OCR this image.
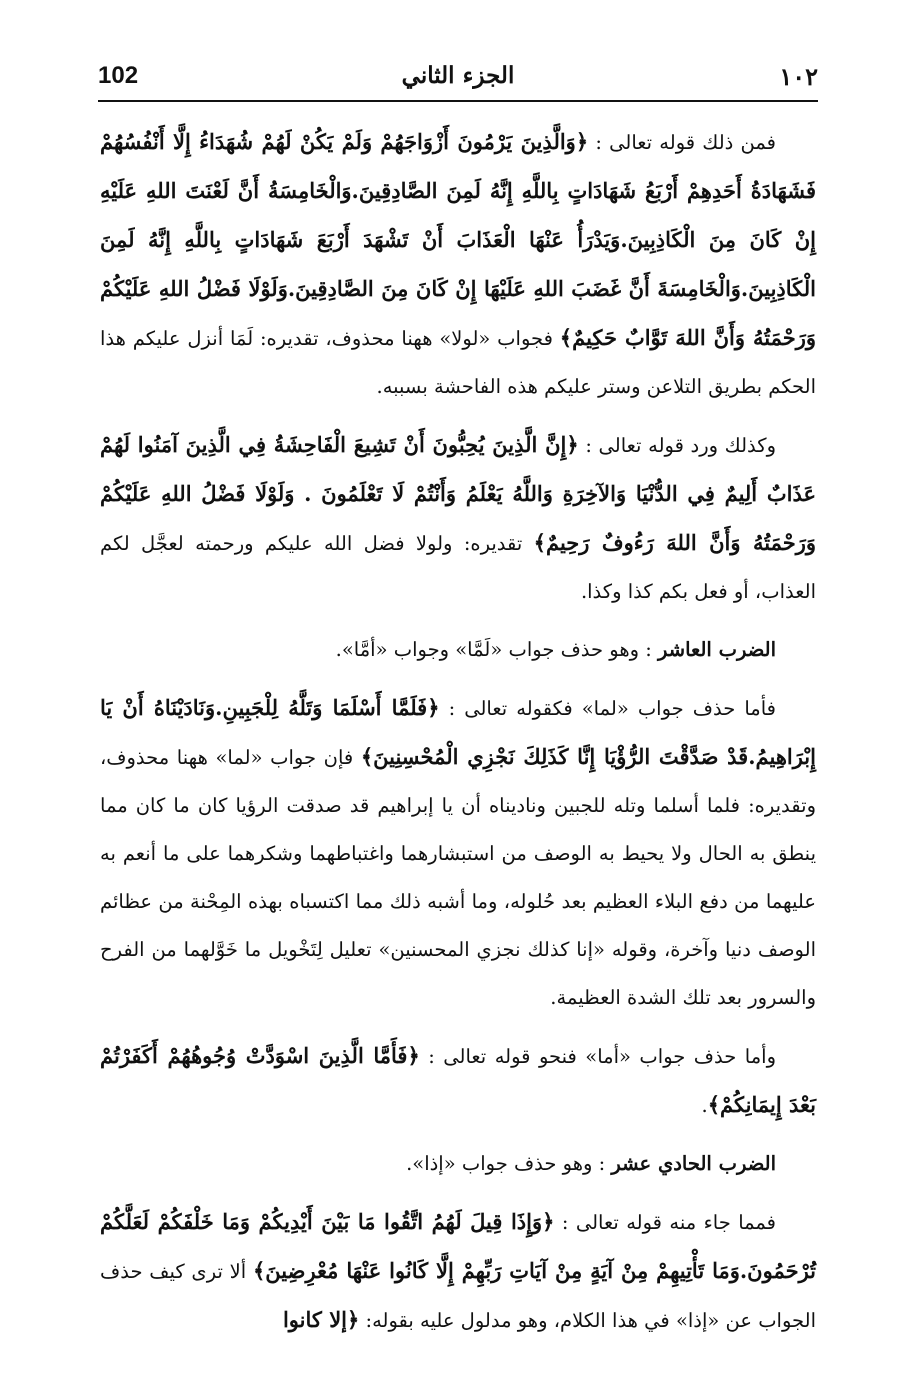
102	الجزء الثاني	١٠٢

فمن ذلك قوله تعالى : ﴿وَالَّذِينَ يَرْمُونَ أَزْوَاجَهُمْ وَلَمْ يَكُنْ لَهُمْ شُهَدَاءُ إِلَّا أَنْفُسُهُمْ فَشَهَادَةُ أَحَدِهِمْ أَرْبَعُ شَهَادَاتٍ بِاللَّهِ إِنَّهُ لَمِنَ الصَّادِقِينَ.وَالْخَامِسَةُ أَنَّ لَعْنَتَ اللهِ عَلَيْهِ إِنْ كَانَ مِنَ الْكَاذِبِينَ.وَيَدْرَأُ عَنْهَا الْعَذَابَ أَنْ تَشْهَدَ أَرْبَعَ شَهَادَاتٍ بِاللَّهِ إِنَّهُ لَمِنَ الْكَاذِبِينَ.وَالْخَامِسَةَ أَنَّ غَضَبَ اللهِ عَلَيْهَا إِنْ كَانَ مِنَ الصَّادِقِينَ.وَلَوْلَا فَضْلُ اللهِ عَلَيْكُمْ وَرَحْمَتُهُ وَأَنَّ اللهَ تَوَّابٌ حَكِيمٌ﴾ فجواب «لولا» ههنا محذوف، تقديره: لَمَا أنزل عليكم هذا الحكم بطريق التلاعن وستر عليكم هذه الفاحشة بسببه.

وكذلك ورد قوله تعالى : ﴿إِنَّ الَّذِينَ يُحِبُّونَ أَنْ تَشِيعَ الْفَاحِشَةُ فِي الَّذِينَ آمَنُوا لَهُمْ عَذَابٌ أَلِيمٌ فِي الدُّنْيَا وَالآخِرَةِ وَاللَّهُ يَعْلَمُ وَأَنْتُمْ لَا تَعْلَمُونَ . وَلَوْلَا فَضْلُ اللهِ عَلَيْكُمْ وَرَحْمَتُهُ وَأَنَّ اللهَ رَءُوفٌ رَحِيمٌ﴾ تقديره: ولولا فضل الله عليكم ورحمته لعجَّل لكم العذاب، أو فعل بكم كذا وكذا.

الضرب العاشر : وهو حذف جواب «لَمَّا» وجواب «أمَّا».

فأما حذف جواب «لما» فكقوله تعالى : ﴿فَلَمَّا أَسْلَمَا وَتَلَّهُ لِلْجَبِينِ.وَنَادَيْنَاهُ أَنْ يَا إِبْرَاهِيمُ.قَدْ صَدَّقْتَ الرُّؤْيَا إِنَّا كَذَلِكَ نَجْزِي الْمُحْسِنِينَ﴾ فإن جواب «لما» ههنا محذوف، وتقديره: فلما أسلما وتله للجبين وناديناه أن يا إبراهيم قد صدقت الرؤيا كان ما كان مما ينطق به الحال ولا يحيط به الوصف من استبشارهما واغتباطهما وشكرهما على ما أنعم به عليهما من دفع البلاء العظيم بعد حُلوله، وما أشبه ذلك مما اكتسباه بهذه المِحْنة من عظائم الوصف دنيا وآخرة، وقوله «إنا كذلك نجزي المحسنين» تعليل لِتَخْويل ما خَوَّلهما من الفرح والسرور بعد تلك الشدة العظيمة.

وأما حذف جواب «أما» فنحو قوله تعالى : ﴿فَأَمَّا الَّذِينَ اسْوَدَّتْ وُجُوهُهُمْ أَكَفَرْتُمْ بَعْدَ إِيمَانِكُمْ﴾.

الضرب الحادي عشر : وهو حذف جواب «إذا».

فمما جاء منه قوله تعالى : ﴿وَإِذَا قِيلَ لَهُمُ اتَّقُوا مَا بَيْنَ أَيْدِيكُمْ وَمَا خَلْفَكُمْ لَعَلَّكُمْ تُرْحَمُونَ.وَمَا تَأْتِيهِمْ مِنْ آيَةٍ مِنْ آيَاتِ رَبِّهِمْ إِلَّا كَانُوا عَنْهَا مُعْرِضِينَ﴾ ألا ترى كيف حذف الجواب عن «إذا» في هذا الكلام، وهو مدلول عليه بقوله: ﴿إلا كانوا
